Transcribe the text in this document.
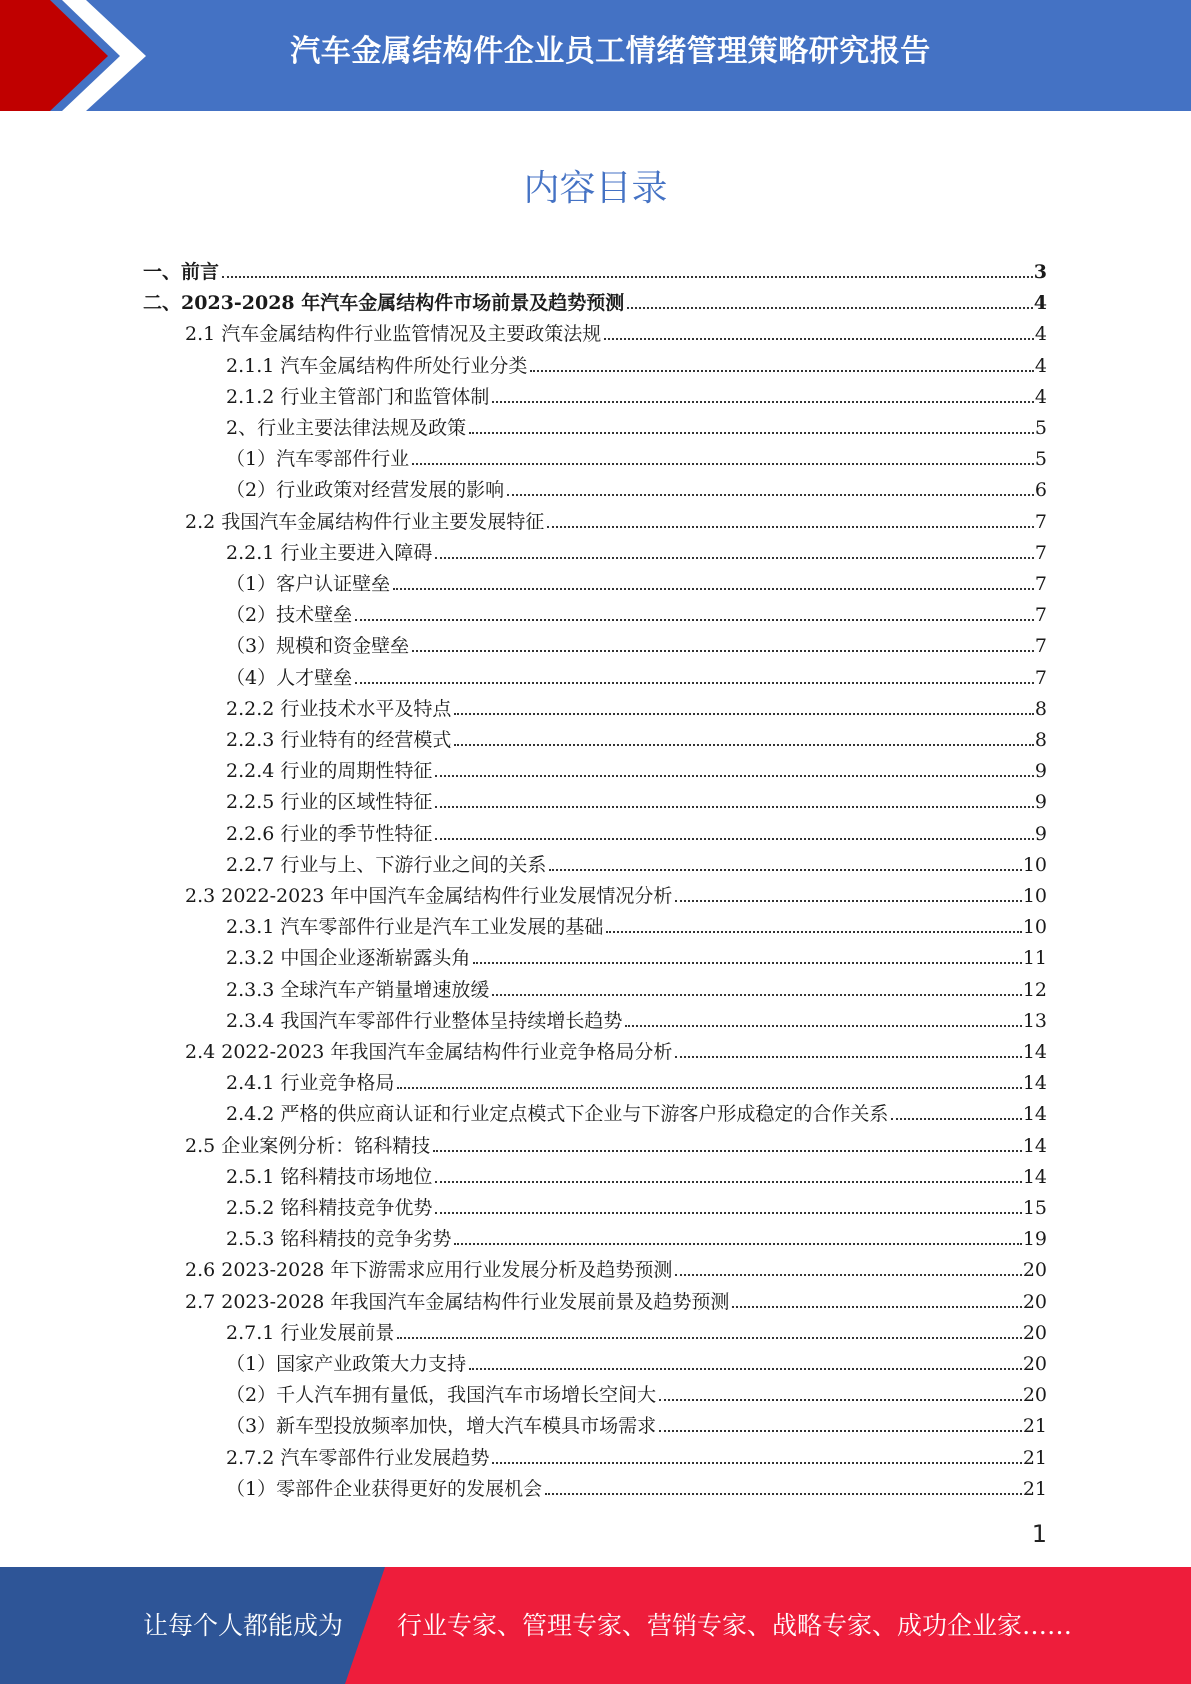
汽车金属结构件企业员工情绪管理策略研究报告
内容目录
一、前言	3
二、2023-2028 年汽车金属结构件市场前景及趋势预测	4
2.1 汽车金属结构件行业监管情况及主要政策法规	4
2.1.1 汽车金属结构件所处行业分类	4
2.1.2 行业主管部门和监管体制	4
2、行业主要法律法规及政策	5
（1）汽车零部件行业	5
（2）行业政策对经营发展的影响	6
2.2 我国汽车金属结构件行业主要发展特征	7
2.2.1 行业主要进入障碍	7
（1）客户认证壁垒	7
（2）技术壁垒	7
（3）规模和资金壁垒	7
（4）人才壁垒	7
2.2.2 行业技术水平及特点	8
2.2.3 行业特有的经营模式	8
2.2.4 行业的周期性特征	9
2.2.5 行业的区域性特征	9
2.2.6 行业的季节性特征	9
2.2.7 行业与上、下游行业之间的关系	10
2.3 2022-2023 年中国汽车金属结构件行业发展情况分析	10
2.3.1 汽车零部件行业是汽车工业发展的基础	10
2.3.2 中国企业逐渐崭露头角	11
2.3.3 全球汽车产销量增速放缓	12
2.3.4 我国汽车零部件行业整体呈持续增长趋势	13
2.4 2022-2023 年我国汽车金属结构件行业竞争格局分析	14
2.4.1 行业竞争格局	14
2.4.2 严格的供应商认证和行业定点模式下企业与下游客户形成稳定的合作关系	14
2.5 企业案例分析：铭科精技	14
2.5.1 铭科精技市场地位	14
2.5.2 铭科精技竞争优势	15
2.5.3 铭科精技的竞争劣势	19
2.6 2023-2028 年下游需求应用行业发展分析及趋势预测	20
2.7 2023-2028 年我国汽车金属结构件行业发展前景及趋势预测	20
2.7.1 行业发展前景	20
（1）国家产业政策大力支持	20
（2）千人汽车拥有量低，我国汽车市场增长空间大	20
（3）新车型投放频率加快，增大汽车模具市场需求	21
2.7.2 汽车零部件行业发展趋势	21
（1）零部件企业获得更好的发展机会	21
1
让每个人都能成为 行业专家、管理专家、营销专家、战略专家、成功企业家……
